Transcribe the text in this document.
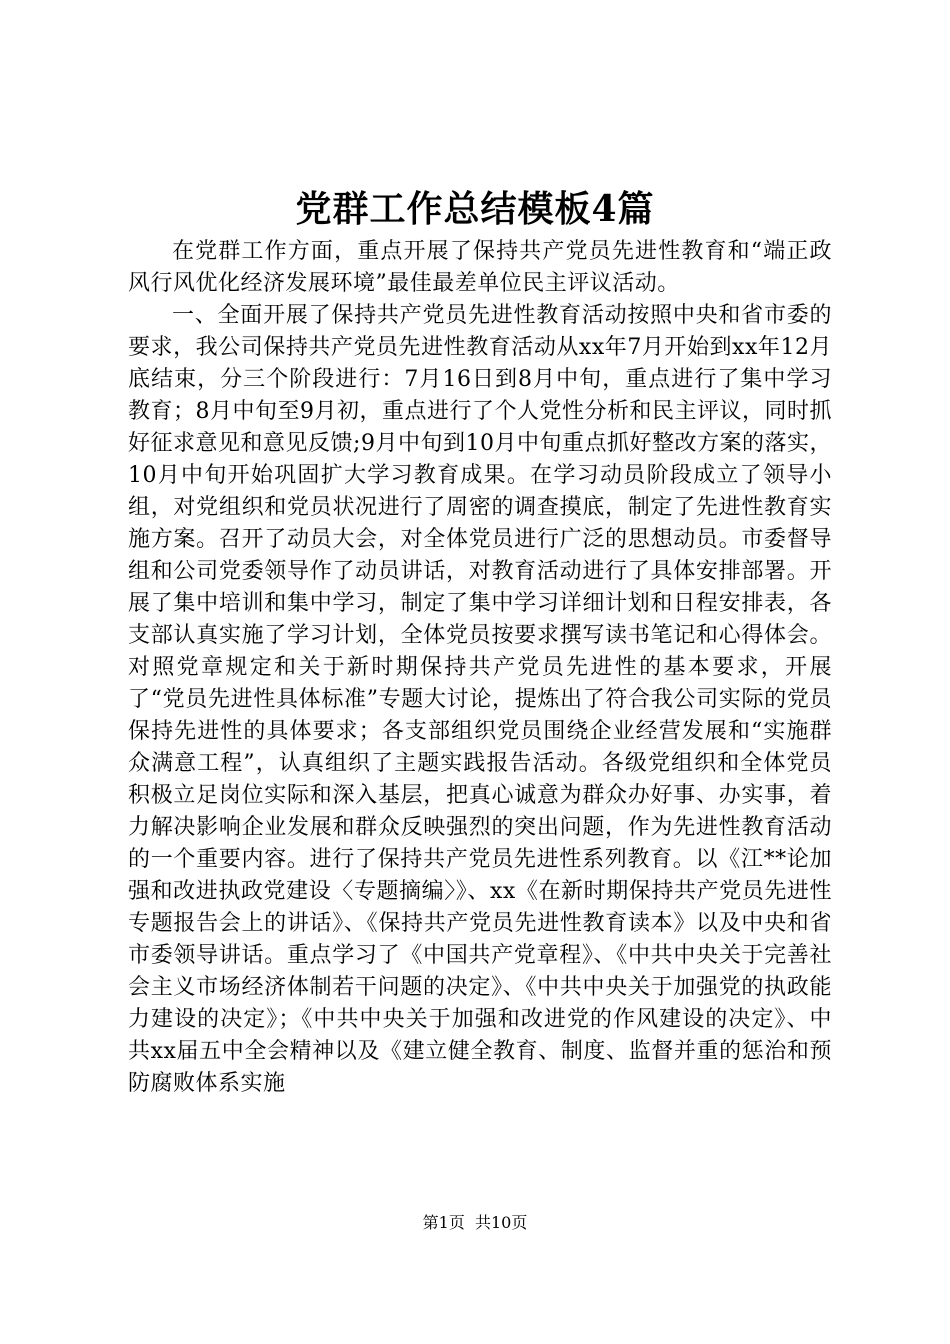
党群工作总结模板4篇

在党群工作方面，重点开展了保持共产党员先进性教育和“端正政风行风优化经济发展环境”最佳最差单位民主评议活动。

一、全面开展了保持共产党员先进性教育活动按照中央和省市委的要求，我公司保持共产党员先进性教育活动从xx年7月开始到xx年12月底结束，分三个阶段进行：7月16日到8月中旬，重点进行了集中学习教育；8月中旬至9月初，重点进行了个人党性分析和民主评议，同时抓好征求意见和意见反馈;9月中旬到10月中旬重点抓好整改方案的落实，10月中旬开始巩固扩大学习教育成果。在学习动员阶段成立了领导小组，对党组织和党员状况进行了周密的调查摸底，制定了先进性教育实施方案。召开了动员大会，对全体党员进行广泛的思想动员。市委督导组和公司党委领导作了动员讲话，对教育活动进行了具体安排部署。开展了集中培训和集中学习，制定了集中学习详细计划和日程安排表，各支部认真实施了学习计划，全体党员按要求撰写读书笔记和心得体会。对照党章规定和关于新时期保持共产党员先进性的基本要求，开展了“党员先进性具体标准”专题大讨论，提炼出了符合我公司实际的党员保持先进性的具体要求；各支部组织党员围绕企业经营发展和“实施群众满意工程”，认真组织了主题实践报告活动。各级党组织和全体党员积极立足岗位实际和深入基层，把真心诚意为群众办好事、办实事，着力解决影响企业发展和群众反映强烈的突出问题，作为先进性教育活动的一个重要内容。进行了保持共产党员先进性系列教育。以《江**论加强和改进执政党建设〈专题摘编〉》、xx《在新时期保持共产党员先进性专题报告会上的讲话》、《保持共产党员先进性教育读本》以及中央和省市委领导讲话。重点学习了《中国共产党章程》、《中共中央关于完善社会主义市场经济体制若干问题的决定》、《中共中央关于加强党的执政能力建设的决定》；《中共中央关于加强和改进党的作风建设的决定》、中共xx届五中全会精神以及《建立健全教育、制度、监督并重的惩治和预防腐败体系实施

第1页  共10页
